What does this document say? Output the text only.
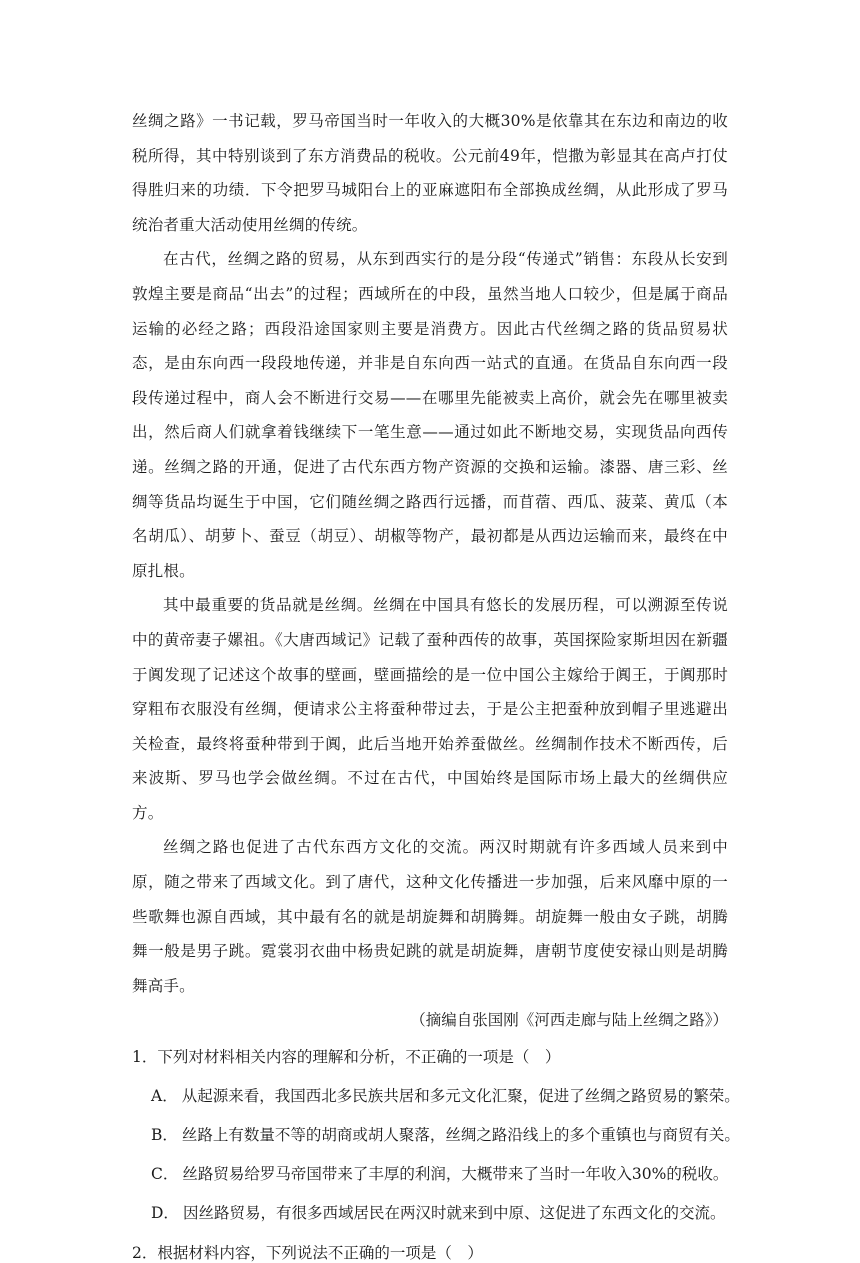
丝绸之路》一书记载，罗马帝国当时一年收入的大概30%是依靠其在东边和南边的收税所得，其中特别谈到了东方消费品的税收。公元前49年，恺撒为彰显其在高卢打仗得胜归来的功绩．下令把罗马城阳台上的亚麻遮阳布全部换成丝绸，从此形成了罗马统治者重大活动使用丝绸的传统。

在古代，丝绸之路的贸易，从东到西实行的是分段“传递式”销售：东段从长安到敦煌主要是商品“出去”的过程；西域所在的中段，虽然当地人口较少，但是属于商品运输的必经之路；西段沿途国家则主要是消费方。因此古代丝绸之路的货品贸易状态，是由东向西一段段地传递，并非是自东向西一站式的直通。在货品自东向西一段段传递过程中，商人会不断进行交易——在哪里先能被卖上高价，就会先在哪里被卖出，然后商人们就拿着钱继续下一笔生意——通过如此不断地交易，实现货品向西传递。丝绸之路的开通，促进了古代东西方物产资源的交换和运输。漆器、唐三彩、丝绸等货品均诞生于中国，它们随丝绸之路西行远播，而苜蓿、西瓜、菠菜、黄瓜（本名胡瓜）、胡萝卜、蚕豆（胡豆）、胡椒等物产，最初都是从西边运输而来，最终在中原扎根。

其中最重要的货品就是丝绸。丝绸在中国具有悠长的发展历程，可以溯源至传说中的黄帝妻子嫘祖。《大唐西域记》记载了蚕种西传的故事，英国探险家斯坦因在新疆于阗发现了记述这个故事的壁画，壁画描绘的是一位中国公主嫁给于阗王，于阗那时穿粗布衣服没有丝绸，便请求公主将蚕种带过去，于是公主把蚕种放到帽子里逃避出关检查，最终将蚕种带到于阗，此后当地开始养蚕做丝。丝绸制作技术不断西传，后来波斯、罗马也学会做丝绸。不过在古代，中国始终是国际市场上最大的丝绸供应方。

丝绸之路也促进了古代东西方文化的交流。两汉时期就有许多西域人员来到中原，随之带来了西域文化。到了唐代，这种文化传播进一步加强，后来风靡中原的一些歌舞也源自西域，其中最有名的就是胡旋舞和胡腾舞。胡旋舞一般由女子跳，胡腾舞一般是男子跳。霓裳羽衣曲中杨贵妃跳的就是胡旋舞，唐朝节度使安禄山则是胡腾舞高手。

（摘编自张国刚《河西走廊与陆上丝绸之路》）

1．下列对材料相关内容的理解和分析，不正确的一项是（　）

A． 从起源来看，我国西北多民族共居和多元文化汇聚，促进了丝绸之路贸易的繁荣。
B． 丝路上有数量不等的胡商或胡人聚落，丝绸之路沿线上的多个重镇也与商贸有关。
C． 丝路贸易给罗马帝国带来了丰厚的利润，大概带来了当时一年收入30%的税收。
D． 因丝路贸易，有很多西域居民在两汉时就来到中原、这促进了东西文化的交流。

2．根据材料内容，下列说法不正确的一项是（　）
